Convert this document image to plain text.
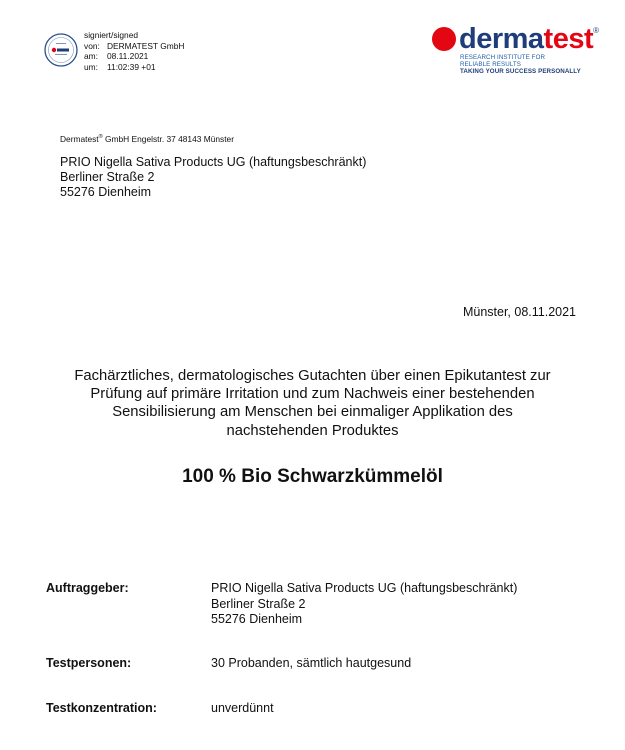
signiert/signed
von: DERMATEST GmbH
am:	08.11.2021
um:	11:02:39 +01
derma test ®
RESEARCH INSTITUTE FOR
RELIABLE RESULTS
TAKING YOUR SUCCESS PERSONALLY
Dermatest® GmbH Engelstr. 37 48143 Münster
PRIO Nigella Sativa Products UG (haftungsbeschränkt)
Berliner Straße 2
55276 Dienheim
Münster, 08.11.2021
Fachärztliches, dermatologisches Gutachten über einen Epikutantest zur
Prüfung auf primäre Irritation und zum Nachweis einer bestehenden
Sensibilisierung am Menschen bei einmaliger Applikation des
nachstehenden Produktes
100 % Bio Schwarzkümmelöl
Auftraggeber:	PRIO Nigella Sativa Products UG (haftungsbeschränkt)
Berliner Straße 2
55276 Dienheim
Testpersonen:	30 Probanden, sämtlich hautgesund
Testkonzentration:	unverdünnt
